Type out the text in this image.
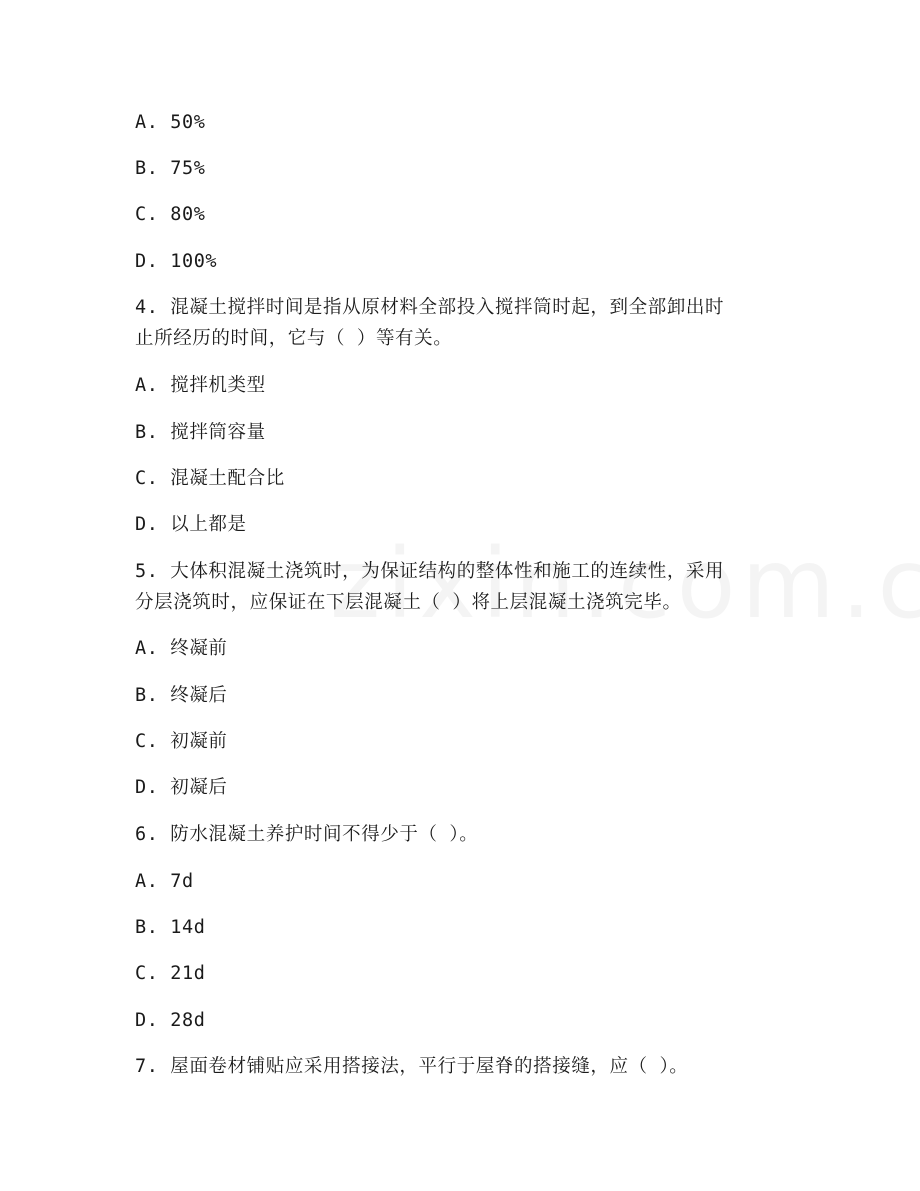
A. 50%
B. 75%
C. 80%
D. 100%
4. 混凝土搅拌时间是指从原材料全部投入搅拌筒时起，到全部卸出时
止所经历的时间，它与（ ）等有关。
A. 搅拌机类型
B. 搅拌筒容量
C. 混凝土配合比
D. 以上都是
5. 大体积混凝土浇筑时，为保证结构的整体性和施工的连续性，采用
分层浇筑时，应保证在下层混凝土（ ）将上层混凝土浇筑完毕。
A. 终凝前
B. 终凝后
C. 初凝前
D. 初凝后
6. 防水混凝土养护时间不得少于（ ）。
A. 7d
B. 14d
C. 21d
D. 28d
7. 屋面卷材铺贴应采用搭接法，平行于屋脊的搭接缝，应（ ）。
